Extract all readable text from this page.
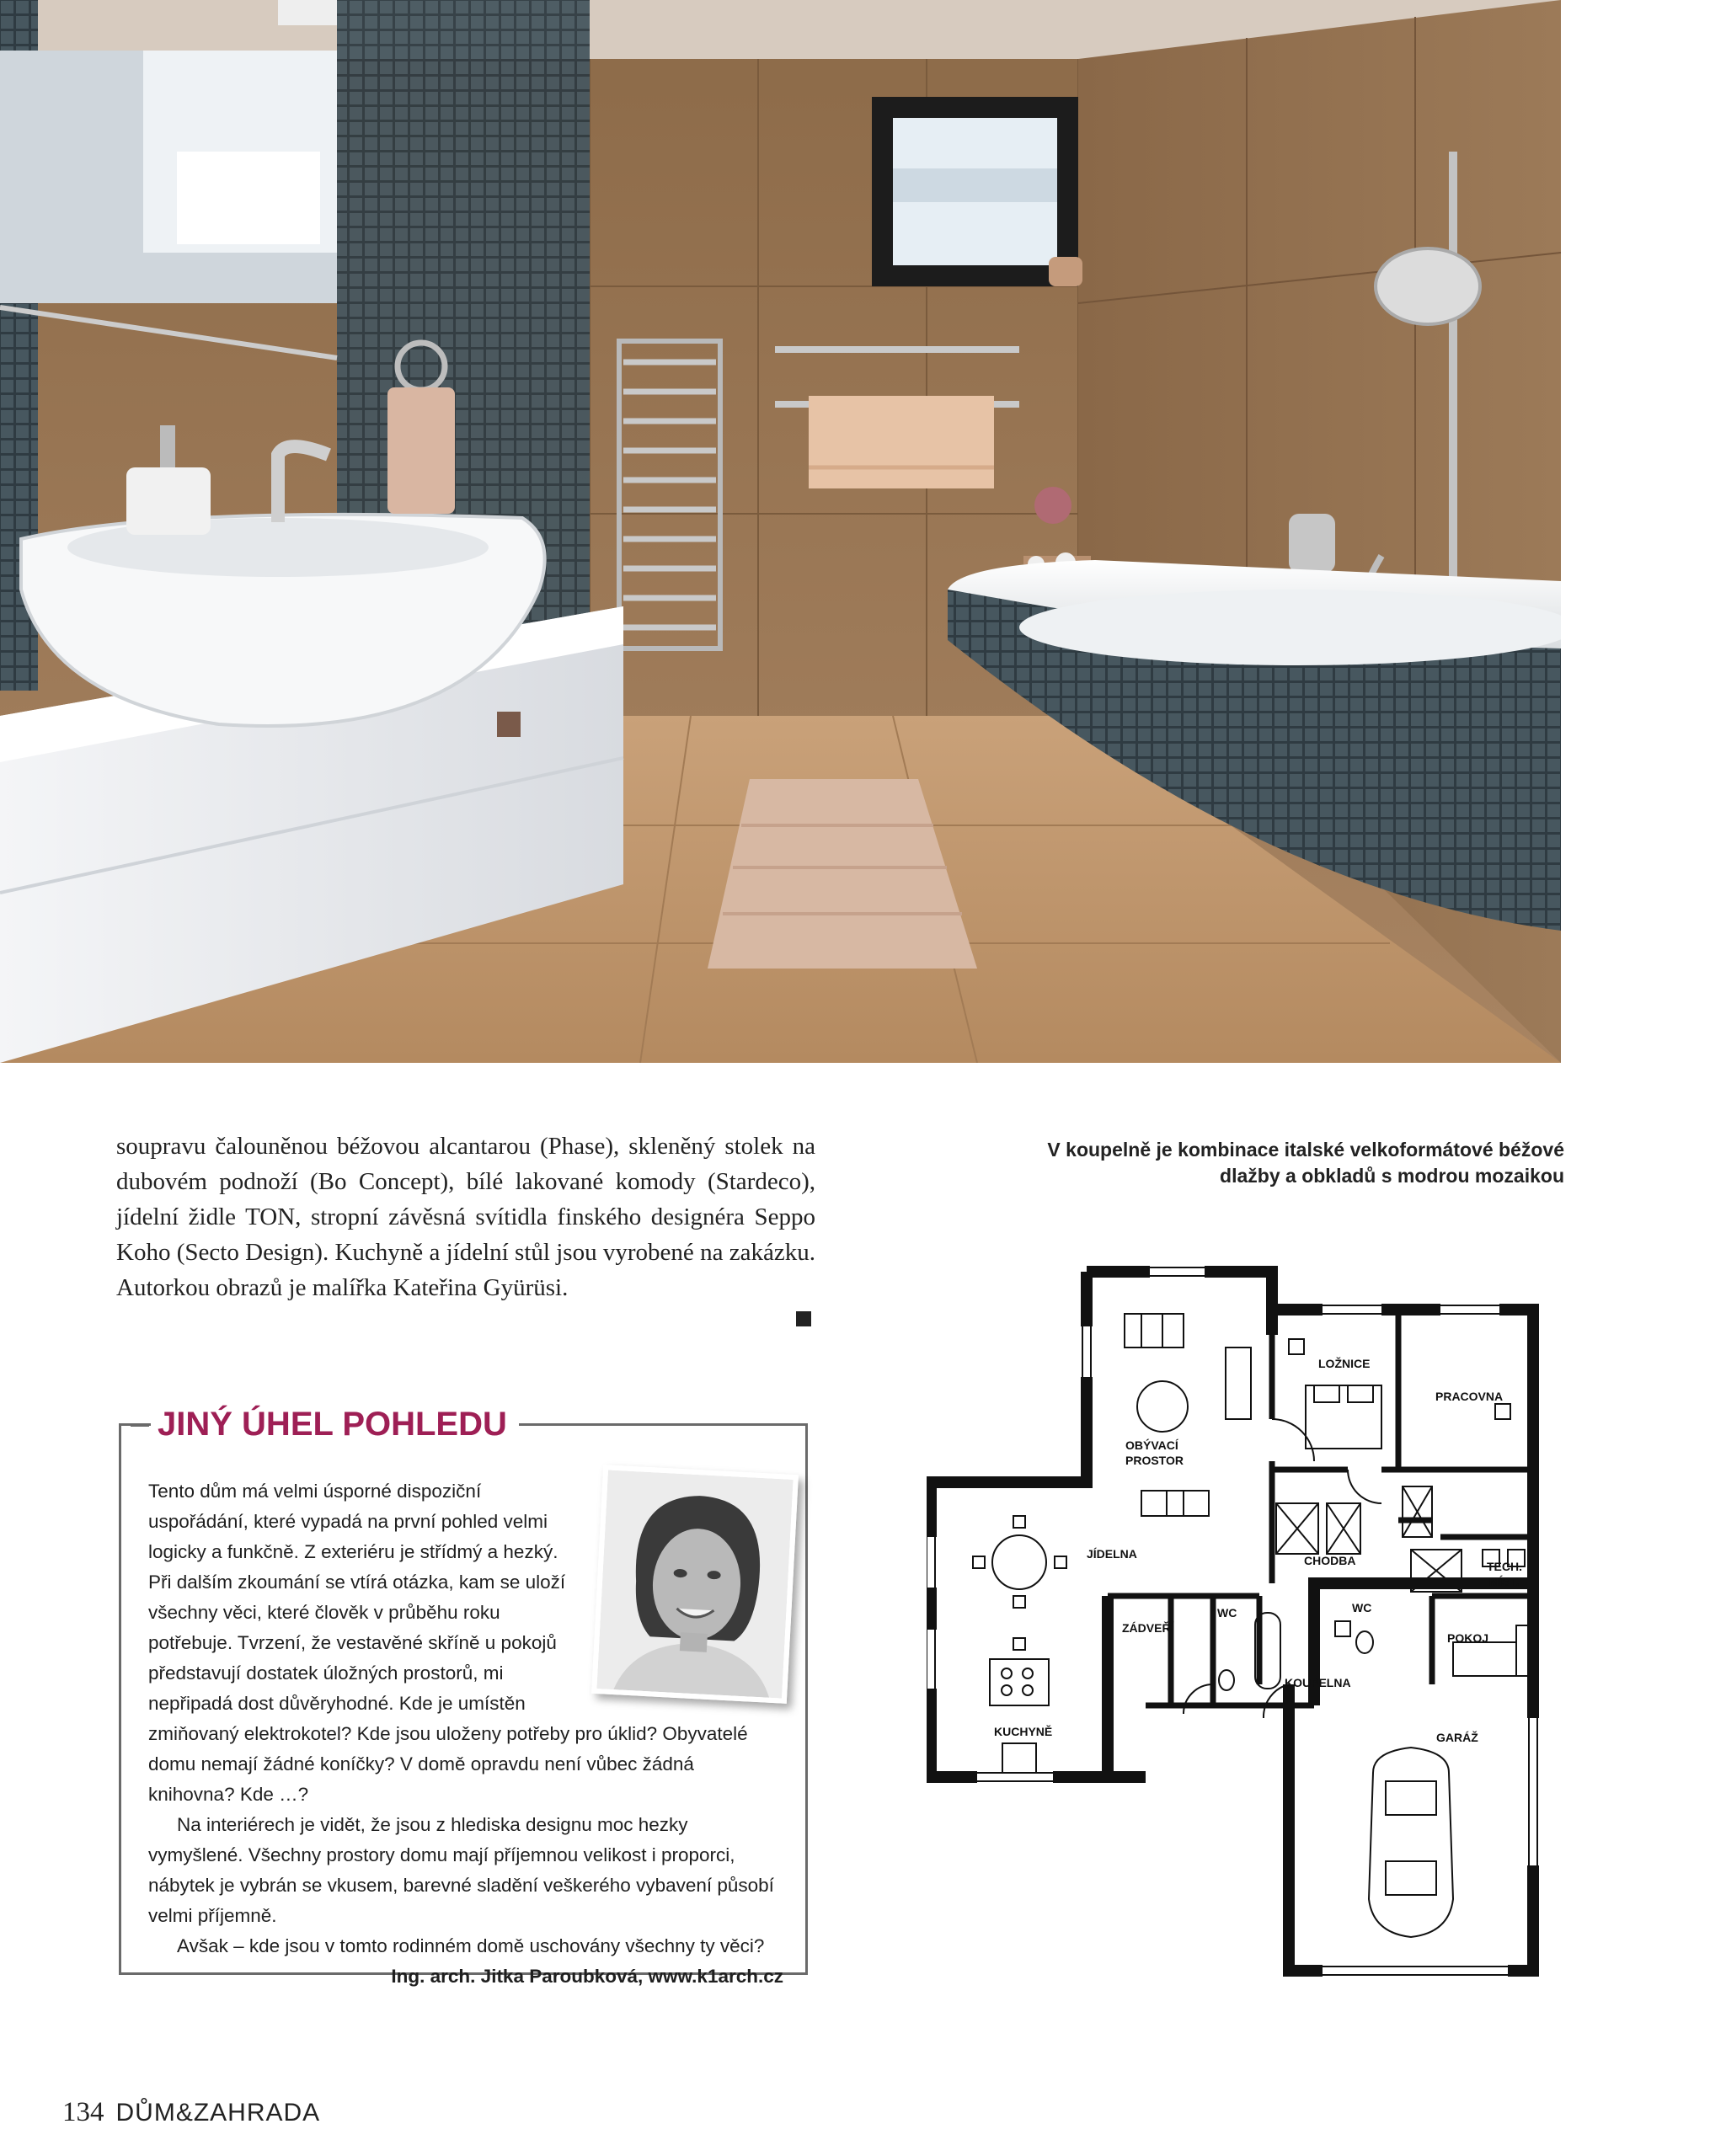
soupravu čalouněnou béžovou alcantarou (Phase), skleněný stolek na dubovém podnoží (Bo Concept), bílé lakované komody (Stardeco), jídelní židle TON, stropní závěsná svítidla finského designéra Seppo Koho (Secto Design). Kuchyně a jídelní stůl jsou vyrobené na zakázku. Autorkou obrazů je malířka Kateřina Gyürüsi.
V koupelně je kombinace italské velkoformátové béžové
dlažby a obkladů s modrou mozaikou
JINÝ ÚHEL POHLEDU

Tento dům má velmi úsporné dispoziční uspořádání, které vypadá na první pohled velmi logicky a funkčně. Z exteriéru je střídmý a hezký. Při dalším zkoumání se vtírá otázka, kam se uloží všechny věci, které člověk v průběhu roku potřebuje. Tvrzení, že vestavěné skříně u pokojů představují dostatek úložných prostorů, mi nepřipadá dost důvěryhodné. Kde je umístěn zmiňovaný elektrokotel? Kde jsou uloženy potřeby pro úklid? Obyvatelé domu nemají žádné koníčky? V domě opravdu není vůbec žádná knihovna? Kde …?

Na interiérech je vidět, že jsou z hlediska designu moc hezky vymyšlené. Všechny prostory domu mají příjemnou velikost i proporci, nábytek je vybrán se vkusem, barevné sladění veškerého vybavení působí velmi příjemně.

Avšak – kde jsou v tomto rodinném domě uschovány všechny ty věci?

Ing. arch. Jitka Paroubková, www.k1arch.cz

OBÝVACÍ
PROSTOR
LOŽNICE
PRACOVNA
JÍDELNA	CHODBA	TECH.
MÍST.
ZÁDVEŘÍ
WC	WC
POKOJ
KUCHYNĚ
KOUPELNA
GARÁŽ
134 DŮM&ZAHRADA
